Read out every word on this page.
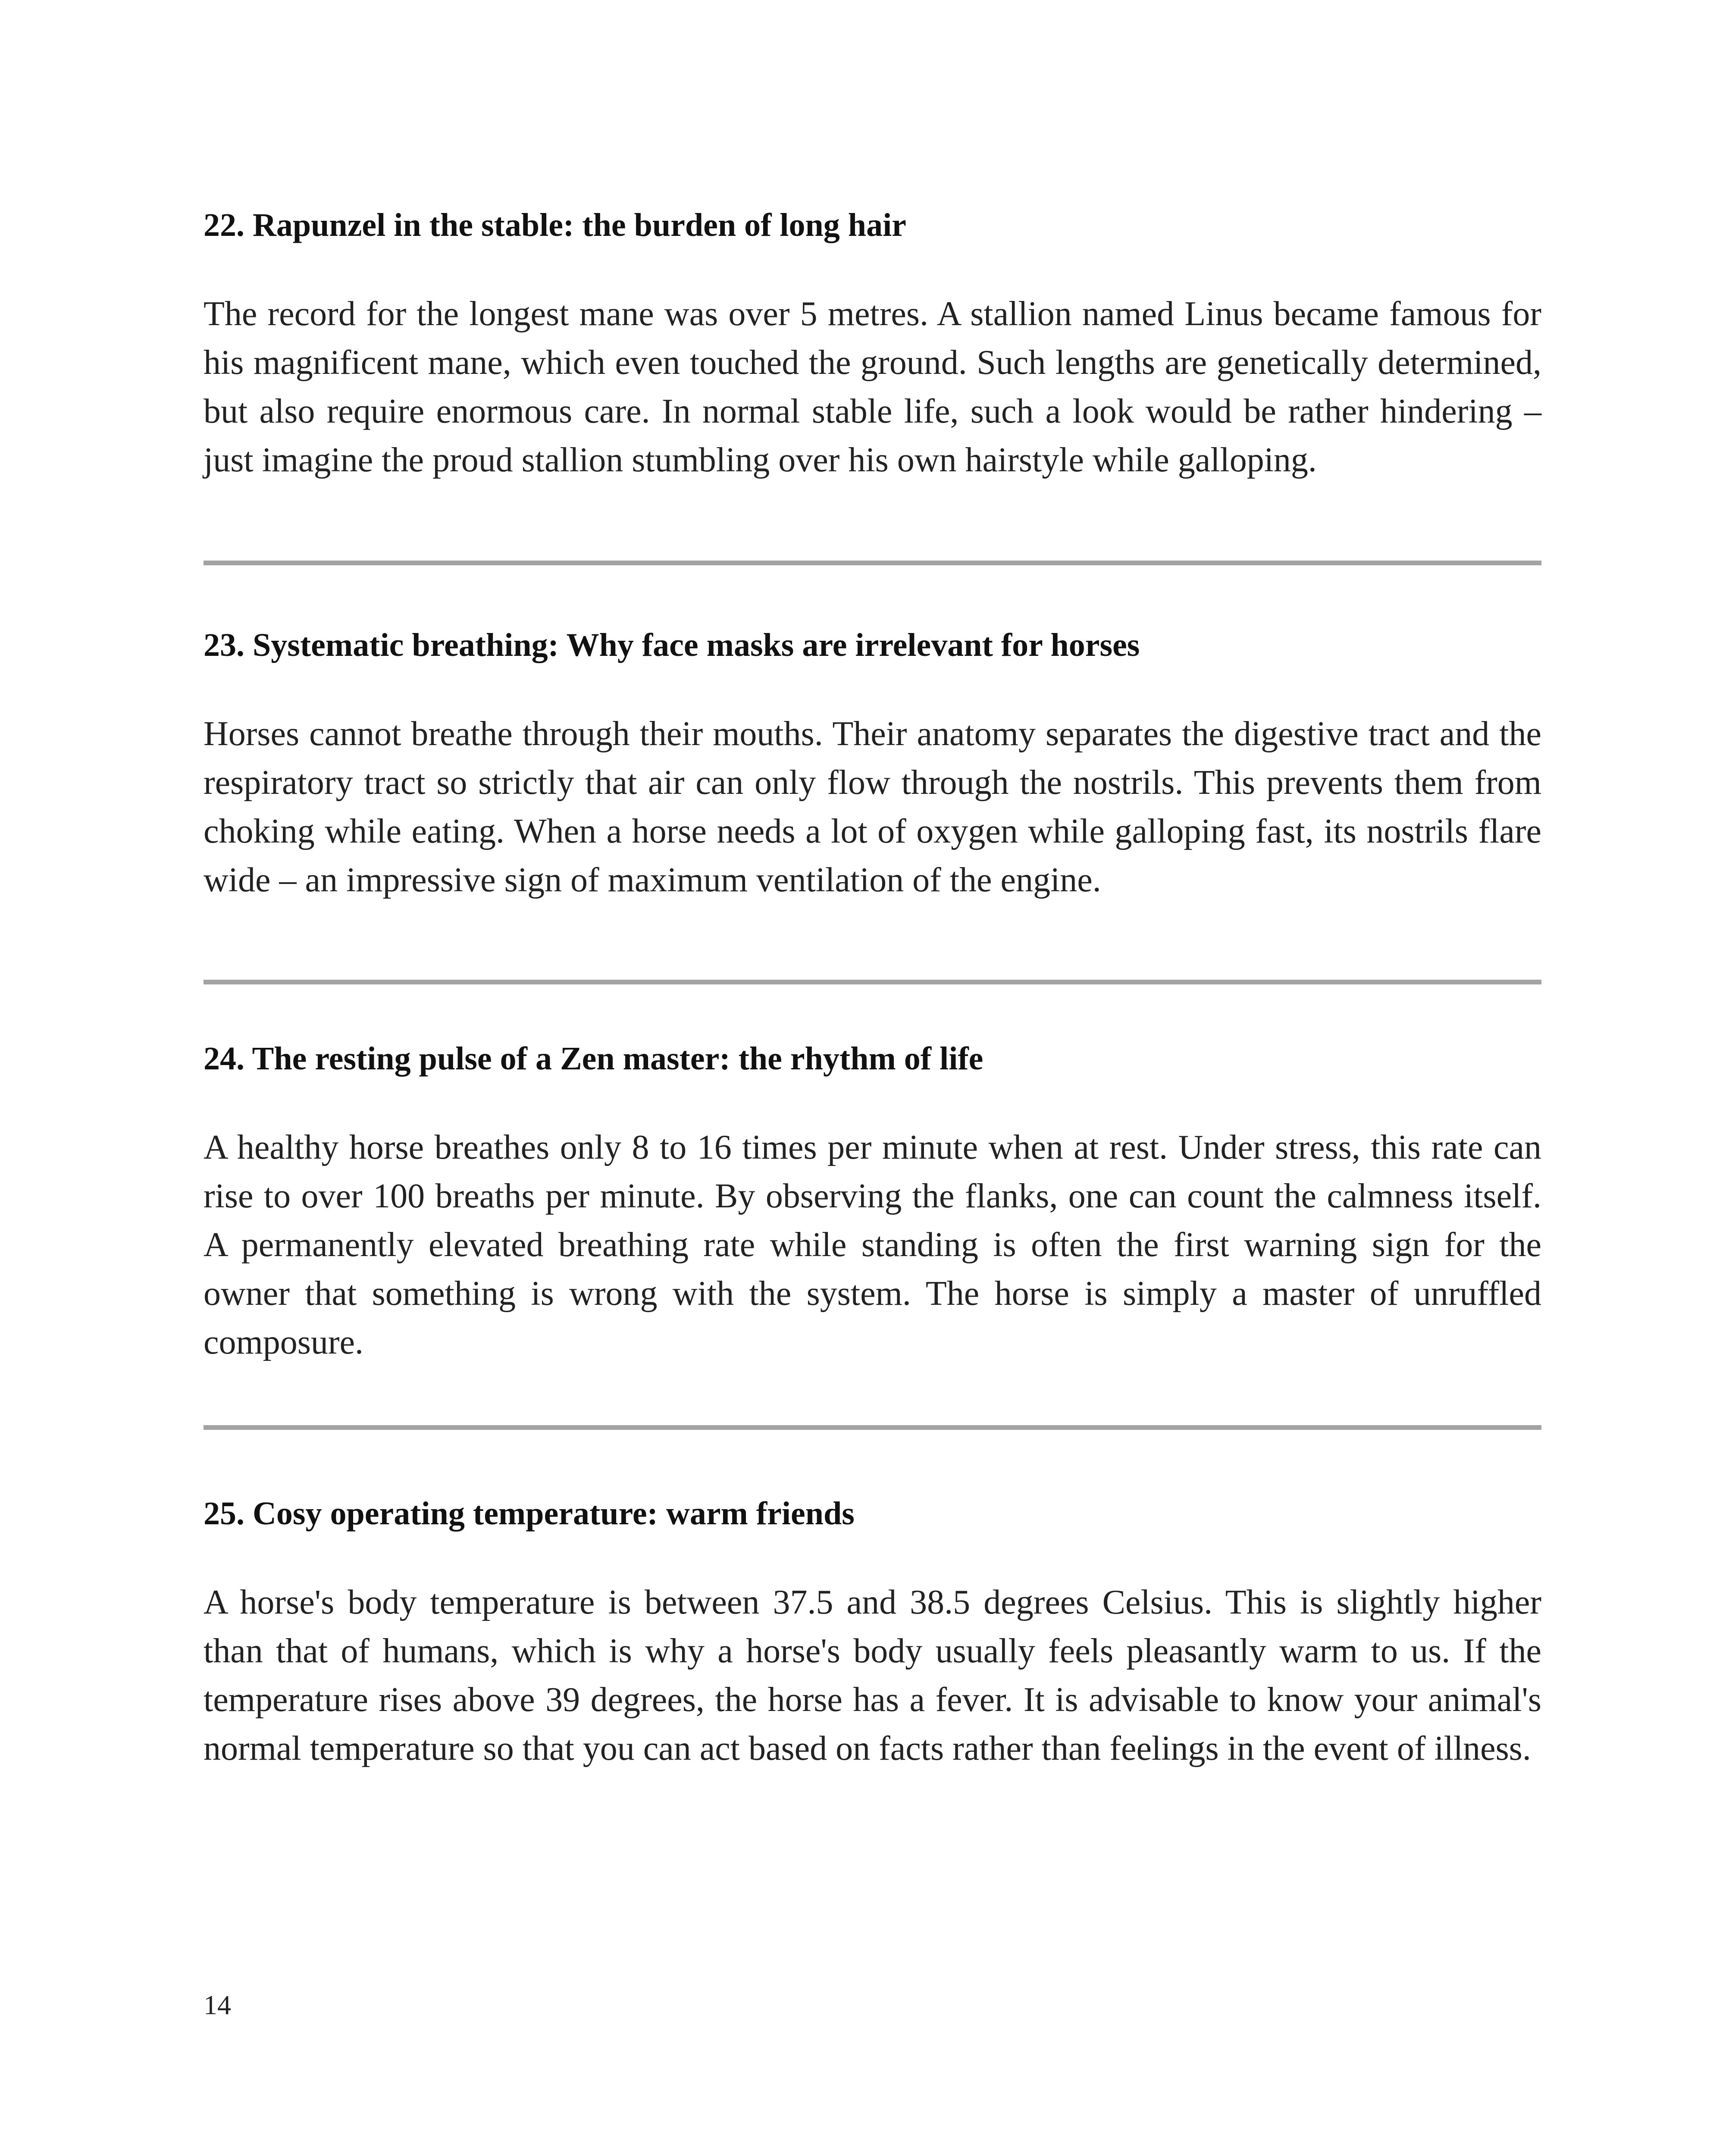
22. Rapunzel in the stable: the burden of long hair

The record for the longest mane was over 5 metres. A stallion named Linus became famous for his magnificent mane, which even touched the ground. Such lengths are genetically determined, but also require enormous care. In normal stable life, such a look would be rather hindering – just imagine the proud stallion stumbling over his own hairstyle while galloping.

23. Systematic breathing: Why face masks are irrelevant for horses

Horses cannot breathe through their mouths. Their anatomy separates the digestive tract and the respiratory tract so strictly that air can only flow through the nostrils. This prevents them from choking while eating. When a horse needs a lot of oxygen while galloping fast, its nostrils flare wide – an impressive sign of maximum ventilation of the engine.

24. The resting pulse of a Zen master: the rhythm of life

A healthy horse breathes only 8 to 16 times per minute when at rest. Under stress, this rate can rise to over 100 breaths per minute. By observing the flanks, one can count the calmness itself. A permanently elevated breathing rate while standing is often the first warning sign for the owner that something is wrong with the system. The horse is simply a master of unruffled composure.

25. Cosy operating temperature: warm friends

A horse's body temperature is between 37.5 and 38.5 degrees Celsius. This is slightly higher than that of humans, which is why a horse's body usually feels pleasantly warm to us. If the temperature rises above 39 degrees, the horse has a fever. It is advisable to know your animal's normal temperature so that you can act based on facts rather than feelings in the event of illness.

14
